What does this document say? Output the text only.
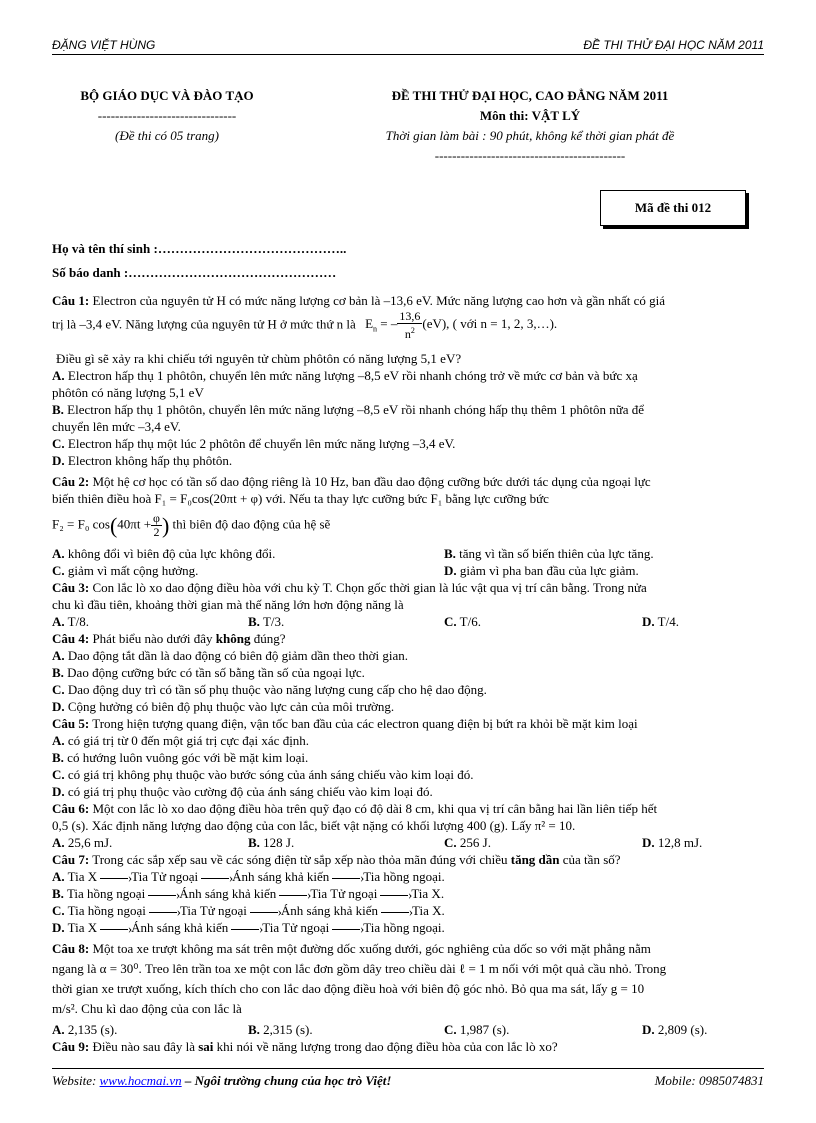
ĐẶNG VIỆT HÙNG	ĐỀ THI THỬ ĐẠI HỌC NĂM 2011
BỘ GIÁO DỤC VÀ ĐÀO TẠO
--------------------------------
(Đề thi có 05 trang)
ĐỀ THI THỬ ĐẠI HỌC, CAO ĐẲNG NĂM 2011
Môn thi: VẬT LÝ
Thời gian làm bài : 90 phút, không kể thời gian phát đề
--------------------------------------------
Mã đề thi 012
Họ và tên thí sinh :……………………………………..
Số báo danh :…………………………………………
Câu 1: Electron của nguyên tử H có mức năng lượng cơ bản là –13,6 eV. Mức năng lượng cao hơn và gần nhất có giá
trị là –3,4 eV. Năng lượng của nguyên tử H ở mức thứ n là $E_n$ = – $\frac{13,6}{n^2} (eV)$, ( với n = 1, 2, 3,…).
Điều gì sẽ xảy ra khi chiếu tới nguyên tử chùm phôtôn có năng lượng 5,1 eV?
A. Electron hấp thụ 1 phôtôn, chuyển lên mức năng lượng –8,5 eV rồi nhanh chóng trở về mức cơ bản và bức xạ
phôtôn có năng lượng 5,1 eV
B. Electron hấp thụ 1 phôtôn, chuyển lên mức năng lượng –8,5 eV rồi nhanh chóng hấp thụ thêm 1 phôtôn nữa để
chuyển lên mức –3,4 eV.
C. Electron hấp thụ một lúc 2 phôtôn để chuyển lên mức năng lượng –3,4 eV.
D. Electron không hấp thụ phôtôn.
Câu 2: Một hệ cơ học có tần số dao động riêng là 10 Hz, ban đầu dao động cưỡng bức dưới tác dụng của ngoại lực
biến thiên điều hoà F₁ = F₀cos(20πt + φ) với. Nếu ta thay lực cưỡng bức F₁ bằng lực cưỡng bức
F₂ = F₀ $\cos(40\pi t + \frac{\varphi}{2}$ ) thì biên độ dao động của hệ sẽ
A. không đổi vì biên độ của lực không đổi.	B. tăng vì tần số biến thiên của lực tăng.
C. giảm vì mất cộng hưởng.	D. giảm vì pha ban đầu của lực giảm.
Câu 3: Con lắc lò xo dao động điều hòa với chu kỳ T. Chọn gốc thời gian là lúc vật qua vị trí cân bằng. Trong nửa
chu kì đầu tiên, khoảng thời gian mà thế năng lớn hơn động năng là
A. T/8.	B. T/3.	C. T/6.	D. T/4.
Câu 4: Phát biểu nào dưới đây không đúng?
A. Dao động tắt dần là dao động có biên độ giảm dần theo thời gian.
B. Dao động cưỡng bức có tần số bằng tần số của ngoại lực.
C. Dao động duy trì có tần số phụ thuộc vào năng lượng cung cấp cho hệ dao động.
D. Cộng hưởng có biên độ phụ thuộc vào lực cản của môi trường.
Câu 5: Trong hiện tượng quang điện, vận tốc ban đầu của các electron quang điện bị bứt ra khỏi bề mặt kim loại
A. có giá trị từ 0 đến một giá trị cực đại xác định.
B. có hướng luôn vuông góc với bề mặt kim loại.
C. có giá trị không phụ thuộc vào bước sóng của ánh sáng chiếu vào kim loại đó.
D. có giá trị phụ thuộc vào cường độ của ánh sáng chiếu vào kim loại đó.
Câu 6: Một con lắc lò xo dao động điều hòa trên quỹ đạo có độ dài 8 cm, khi qua vị trí cân bằng hai lần liên tiếp hết
0,5 (s). Xác định năng lượng dao động của con lắc, biết vật nặng có khối lượng 400 (g). Lấy π² = 10.
A. 25,6 mJ.	B. 128 J.	C. 256 J.	D. 12,8 mJ.
Câu 7: Trong các sắp xếp sau về các sóng điện từ sắp xếp nào thỏa mãn đúng với chiều tăng dần của tần số?
A. Tia X ›	Tia Tử ngoại ›	Ánh sáng khả kiến ›	Tia hồng ngoại.
B. Tia hồng ngoại ›	Ánh sáng khả kiến ›	Tia Tử ngoại ›	Tia X.
C. Tia hồng ngoại ›	Tia Tử ngoại ›	Ánh sáng khả kiến ›	Tia X.
D. Tia X ›	Ánh sáng khả kiến ›	Tia Tử ngoại ›	Tia hồng ngoại.
Câu 8: Một toa xe trượt không ma sát trên một đường dốc xuống dưới, góc nghiêng của dốc so với mặt phẳng nằm
ngang là α = 30⁰. Treo lên trần toa xe một con lắc đơn gồm dây treo chiều dài ℓ = 1 m nối với một quả cầu nhỏ. Trong
thời gian xe trượt xuống, kích thích cho con lắc dao động điều hoà với biên độ góc nhỏ. Bỏ qua ma sát, lấy g = 10
m/s². Chu kì dao động của con lắc là
A. 2,135 (s).	B. 2,315 (s).	C. 1,987 (s).	D. 2,809 (s).
Câu 9: Điều nào sau đây là sai khi nói về năng lượng trong dao động điều hòa của con lắc lò xo?
Website: www.hocmai.vn – Ngôi trường chung của học trò Việt!	Mobile: 0985074831
